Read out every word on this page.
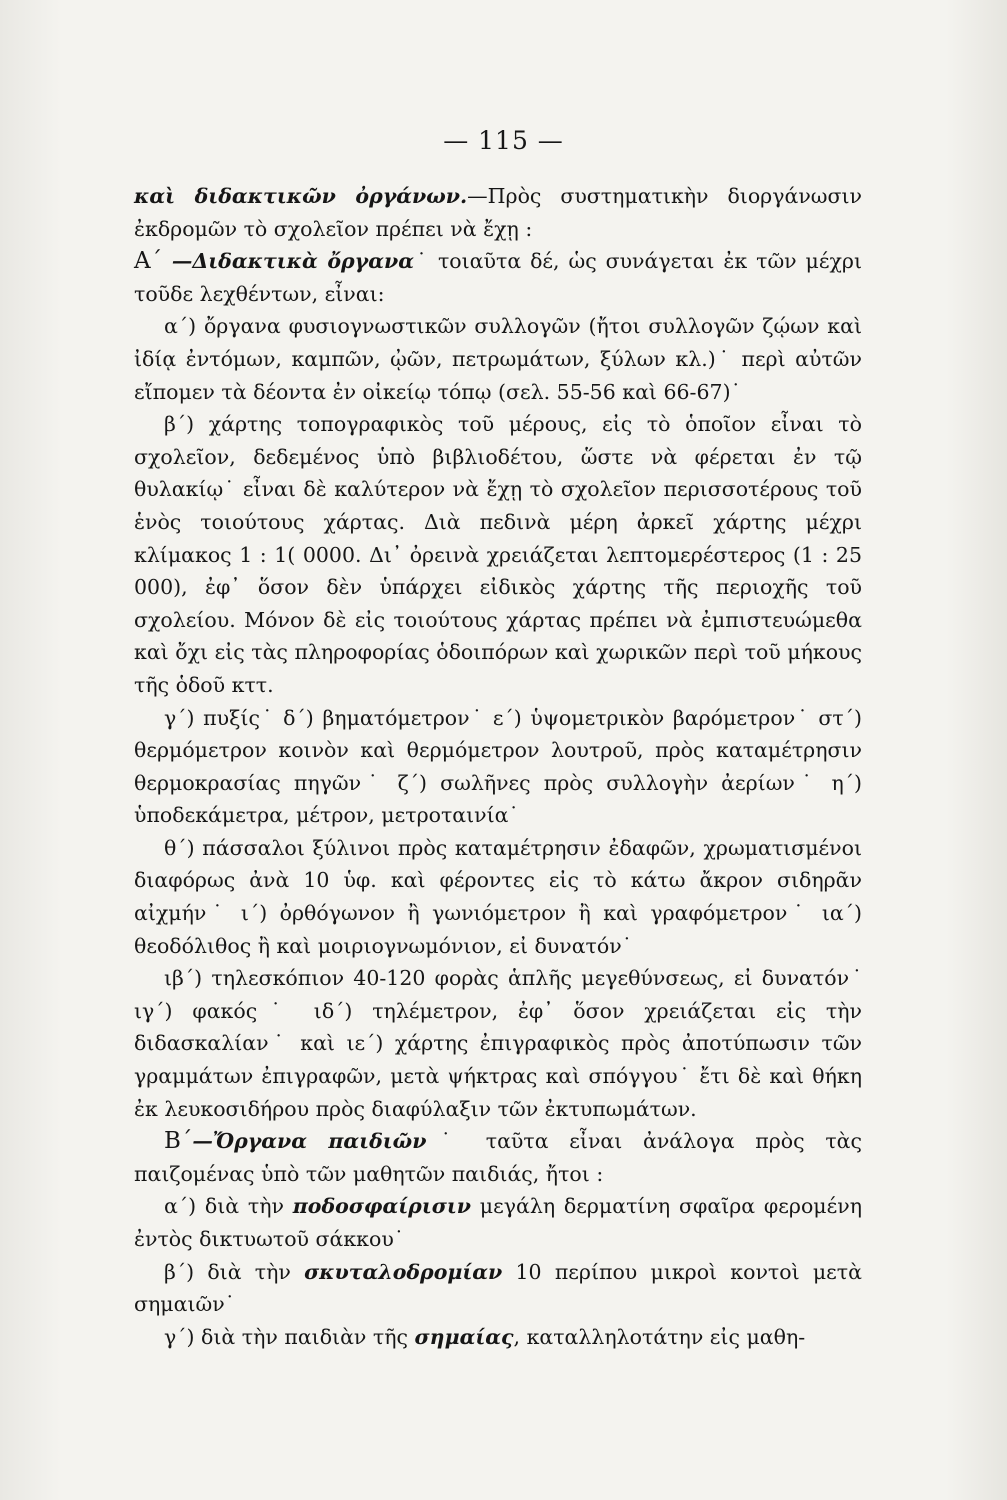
— 115 —

καὶ διδακτικῶν ὀργάνων.—Πρὸς συστηματικὴν διοργάνωσιν ἐκδρομῶν τὸ σχολεῖον πρέπει νὰ ἔχῃ :

Α΄ —Διδακτικὰ ὄργανα˙ τοιαῦτα δέ, ὡς συνάγεται ἐκ τῶν μέχρι τοῦδε λεχθέντων, εἶναι:

α΄) ὄργανα φυσιογνωστικῶν συλλογῶν (ἤτοι συλλογῶν ζῴων καὶ ἰδίᾳ ἐντόμων, καμπῶν, ᾠῶν, πετρωμάτων, ξύλων κλ.)˙ περὶ αὐτῶν εἴπομεν τὰ δέοντα ἐν οἰκείῳ τόπῳ (σελ. 55-56 καὶ 66-67)˙

β΄) χάρτης τοπογραφικὸς τοῦ μέρους, εἰς τὸ ὁποῖον εἶναι τὸ σχολεῖον, δεδεμένος ὑπὸ βιβλιοδέτου, ὥστε νὰ φέρεται ἐν τῷ θυλακίῳ˙ εἶναι δὲ καλύτερον νὰ ἔχῃ τὸ σχολεῖον περισσοτέρους τοῦ ἑνὸς τοιούτους χάρτας. Διὰ πεδινὰ μέρη ἀρκεῖ χάρτης μέχρι κλίμακος 1 : 1( 0000. Δι᾽ ὀρεινὰ χρειάζεται λεπτομερέστερος (1 : 25 000), ἐφ᾽ ὅσον δὲν ὑπάρχει εἰδικὸς χάρτης τῆς περιοχῆς τοῦ σχολείου. Μόνον δὲ εἰς τοιούτους χάρτας πρέπει νὰ ἐμπιστευώμεθα καὶ ὄχι εἰς τὰς πληροφορίας ὁδοιπόρων καὶ χωρικῶν περὶ τοῦ μήκους τῆς ὁδοῦ κττ.

γ΄) πυξίς˙ δ΄) βηματόμετρον˙ ε΄) ὑψομετρικὸν βαρόμετρον˙ στ΄) θερμόμετρον κοινὸν καὶ θερμόμετρον λουτροῦ, πρὸς καταμέτρησιν θερμοκρασίας πηγῶν˙ ζ΄) σωλῆνες πρὸς συλλογὴν ἀερίων˙ η΄) ὑποδεκάμετρα, μέτρον, μετροταινία˙

θ΄) πάσσαλοι ξύλινοι πρὸς καταμέτρησιν ἐδαφῶν, χρωματισμένοι διαφόρως ἀνὰ 10 ὑφ. καὶ φέροντες εἰς τὸ κάτω ἄκρον σιδηρᾶν αἰχμήν˙ ι΄) ὀρθόγωνον ἢ γωνιόμετρον ἢ καὶ γραφόμετρον˙ ια΄) θεοδόλιθος ἢ καὶ μοιριογνωμόνιον, εἰ δυνατόν˙

ιβ΄) τηλεσκόπιον 40-120 φορὰς ἁπλῆς μεγεθύνσεως, εἰ δυνατόν˙ ιγ΄) φακός˙ ιδ΄) τηλέμετρον, ἐφ᾽ ὅσον χρειάζεται εἰς τὴν διδασκαλίαν˙ καὶ ιε΄) χάρτης ἐπιγραφικὸς πρὸς ἀποτύπωσιν τῶν γραμμάτων ἐπιγραφῶν, μετὰ ψήκτρας καὶ σπόγγου˙ ἔτι δὲ καὶ θήκη ἐκ λευκοσιδήρου πρὸς διαφύλαξιν τῶν ἐκτυπωμάτων.

Β΄—Ὄργανα παιδιῶν˙ ταῦτα εἶναι ἀνάλογα πρὸς τὰς παιζομένας ὑπὸ τῶν μαθητῶν παιδιάς, ἤτοι :

α΄) διὰ τὴν ποδοσφαίρισιν μεγάλη δερματίνη σφαῖρα φερομένη ἐντὸς δικτυωτοῦ σάκκου˙

β΄) διὰ τὴν σκυταλοδρομίαν 10 περίπου μικροὶ κοντοὶ μετὰ σημαιῶν˙

γ΄) διὰ τὴν παιδιὰν τῆς σημαίας, καταλληλοτάτην εἰς μαθη-
